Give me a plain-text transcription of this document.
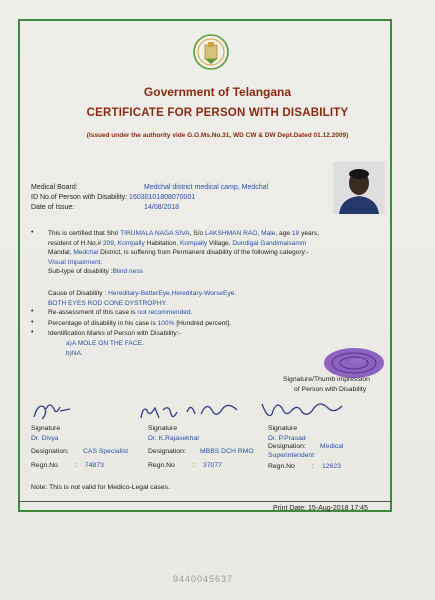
Government of Telangana
CERTIFICATE FOR PERSON WITH DISABILITY
(Issued under the authority vide G.O.Ms.No.31, WD CW & DW Dept.Dated 01.12.2009)
Medical Board:	Medchal district medical camp, Medchal
ID No.of Person with Disability: 16030101808070001
Date of Issue:	14/08/2018
• This is certified that Shri TIRUMALA NAGA SIVA, S/o LAKSHMAN RAO, Male, age 18 years,
resident of H.No.# 209, Kompally Habitation, Kompally Village, Dundigal Gandimaisamm
Mandal, Medchal District, is suffering from Permanent disability of the following category:-
Visual Impairment.
Sub-type of disability :Blind ness
Cause of Disability : Hereditary-BetterEye,Hereditary-WorseEye.
BOTH EYES ROD CONE DYSTROPHY.
• Re-assessment of this case is not recommended.
• Percentage of disability in his case is 100% [Hundred percent].
• Identification Marks of Person with Disability:-
a)A MOLE ON THE FACE.
b)NA.
Signature/Thumb impression
of Person with Disability
Signature
Dr. Divya
Designation: CAS Specialist
Regn.No	: 74873
Signature
Dr. K.Rajasekhar
Designation: MBBS DCH RMO
Regn.No	: 37077
Signature
Dr. P.Prasad
Designation: Medical
Superintendent
Regn.No	: 12623
Note: This is not valid for Medico-Legal cases.
Print Date: 15-Aug-2018 17:45
9440045637
